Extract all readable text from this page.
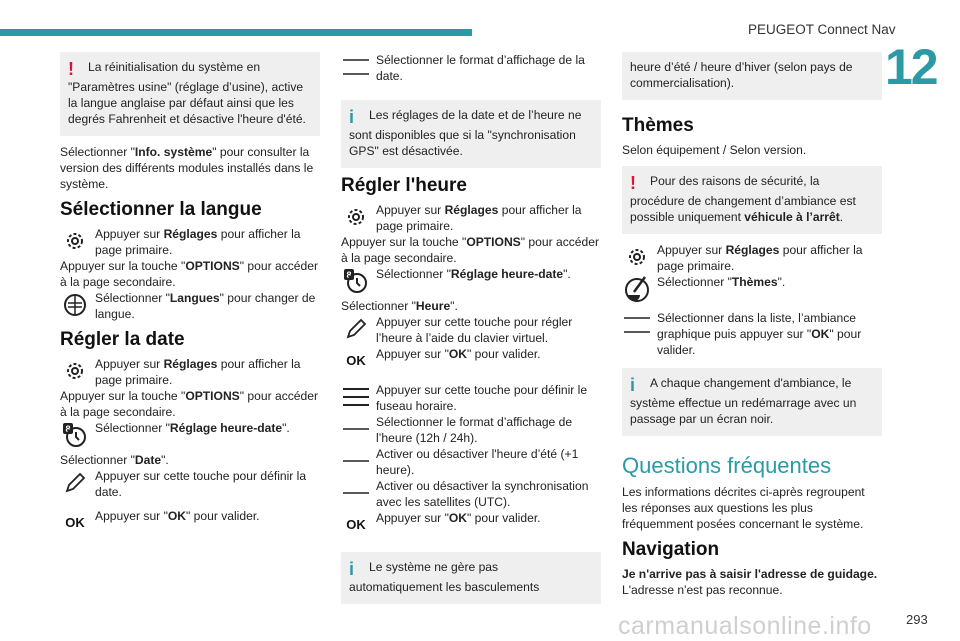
PEUGEOT Connect Nav
12
! La réinitialisation du système en "Paramètres usine" (réglage d’usine), active la langue anglaise par défaut ainsi que les degrés Fahrenheit et désactive l'heure d'été.
Sélectionner "Info. système" pour consulter la version des différents modules installés dans le système.
Sélectionner la langue
Appuyer sur Réglages pour afficher la page primaire.
Appuyer sur la touche "OPTIONS" pour accéder à la page secondaire.
Sélectionner "Langues" pour changer de langue.
Régler la date
Appuyer sur Réglages pour afficher la page primaire.
Appuyer sur la touche "OPTIONS" pour accéder à la page secondaire.
8 Sélectionner "Réglage heure-date".
Sélectionner "Date".
Appuyer sur cette touche pour définir la date.
OK Appuyer sur "OK" pour valider.
Sélectionner le format d’affichage de la date.
i Les réglages de la date et de l’heure ne sont disponibles que si la "synchronisation GPS" est désactivée.
Régler l'heure
Appuyer sur Réglages pour afficher la page primaire.
Appuyer sur la touche "OPTIONS" pour accéder à la page secondaire.
8 Sélectionner "Réglage heure-date".
Sélectionner "Heure".
Appuyer sur cette touche pour régler l’heure à l’aide du clavier virtuel.
OK Appuyer sur "OK" pour valider.
Appuyer sur cette touche pour définir le fuseau horaire.
Sélectionner le format d’affichage de l’heure (12h / 24h).
Activer ou désactiver l'heure d’été (+1 heure).
Activer ou désactiver la synchronisation avec les satellites (UTC).
OK Appuyer sur "OK" pour valider.
i Le système ne gère pas automatiquement les basculements
heure d’été / heure d’hiver (selon pays de commercialisation).
Thèmes
Selon équipement / Selon version.
! Pour des raisons de sécurité, la procédure de changement d’ambiance est possible uniquement véhicule à l’arrêt.
Appuyer sur Réglages pour afficher la page primaire.
Sélectionner "Thèmes".
Sélectionner dans la liste, l’ambiance graphique puis appuyer sur "OK" pour valider.
i A chaque changement d'ambiance, le système effectue un redémarrage avec un passage par un écran noir.
Questions fréquentes
Les informations décrites ci-après regroupent les réponses aux questions les plus fréquemment posées concernant le système.
Navigation
Je n'arrive pas à saisir l'adresse de guidage.
L'adresse n'est pas reconnue.
carmanualsonline.info	293
